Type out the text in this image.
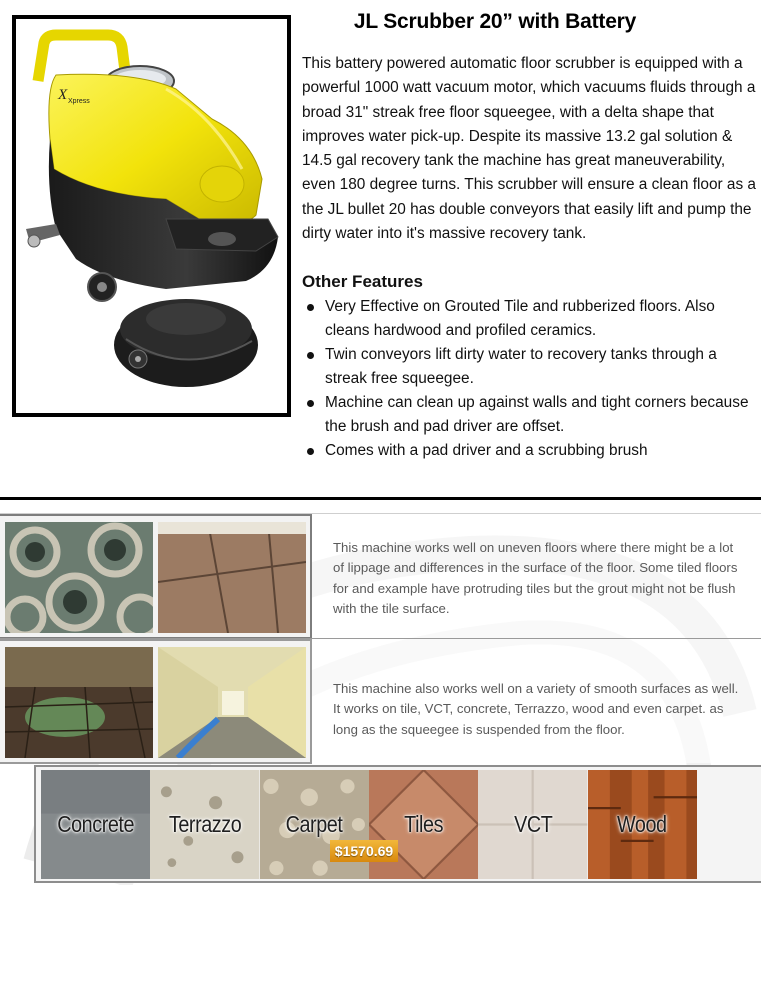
X Xpress
JL Scrubber 20” with Battery

This battery powered automatic floor scrubber is equipped with a powerful 1000 watt vacuum motor, which vacuums fluids through a broad 31" streak free floor squeegee, with a delta shape that improves water pick-up. Despite its massive 13.2 gal solution & 14.5 gal recovery tank the machine has great maneuverability, even 180 degree turns. This scrubber will ensure a clean floor as a the JL bullet 20 has double conveyors that easily lift and pump the dirty water into it's massive recovery tank.

Other Features
Very Effective on Grouted Tile and rubberized floors. Also cleans hardwood and profiled ceramics.
Twin conveyors lift dirty water to recovery tanks through a streak free squeegee.
Machine can clean up against walls and tight corners because the brush and pad driver are offset.
Comes with a pad driver and a scrubbing brush

This machine works well on uneven floors where there might be a lot of lippage and differences in the surface of the floor. Some tiled floors for and example have protruding tiles but the grout might not be flush with the tile surface.

This machine also works well on a variety of smooth surfaces as well. It works on tile, VCT, concrete, Terrazzo, wood and even carpet. as long as the squeegee is suspended from the floor.

Concrete Terrazzo Carpet	Tiles	VCT	Wood
$1570.69
